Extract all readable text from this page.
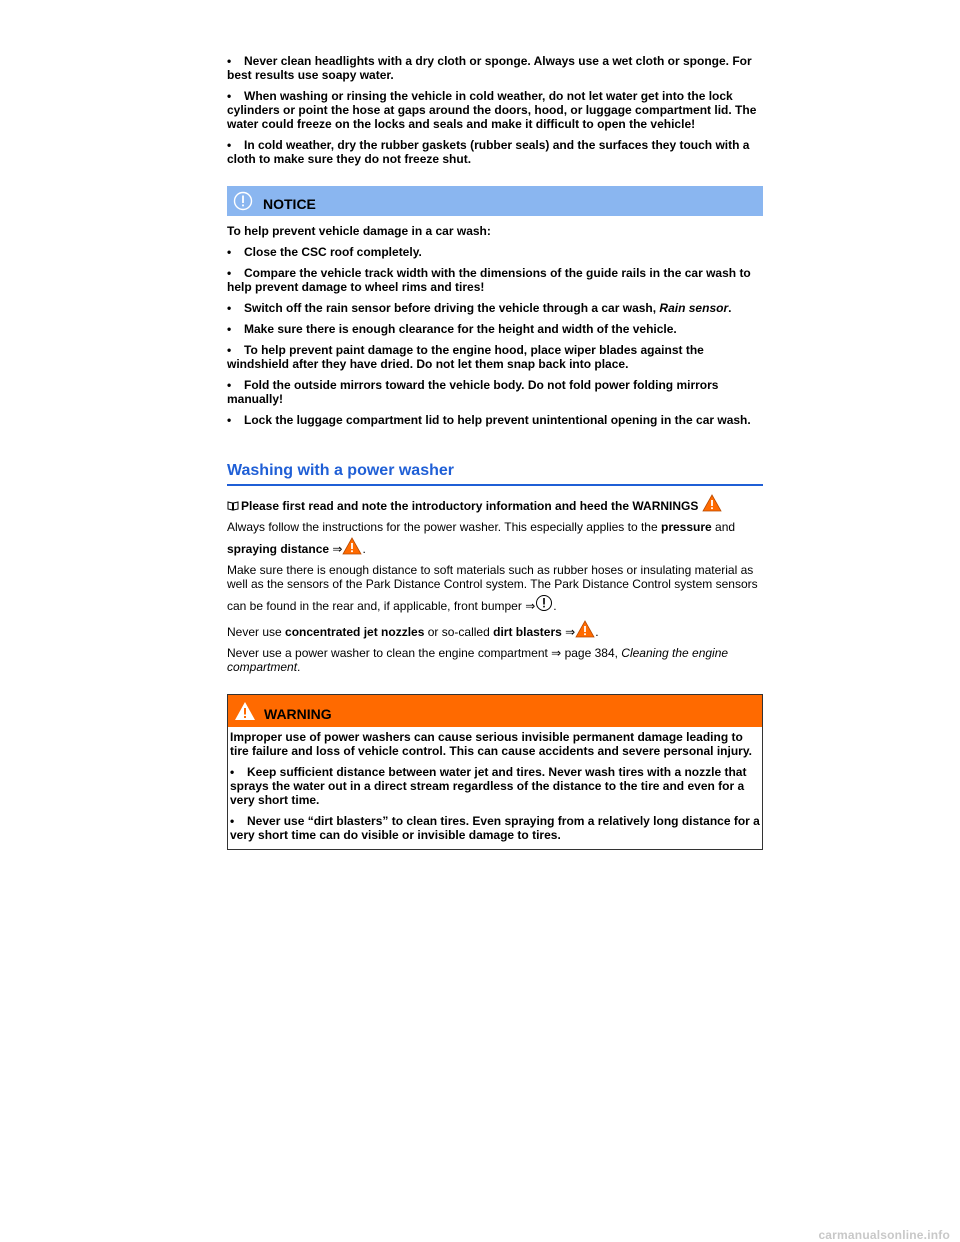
• Never clean headlights with a dry cloth or sponge. Always use a wet cloth or sponge. For best results use soapy water.
• When washing or rinsing the vehicle in cold weather, do not let water get into the lock cylinders or point the hose at gaps around the doors, hood, or luggage compartment lid. The water could freeze on the locks and seals and make it difficult to open the vehicle!
• In cold weather, dry the rubber gaskets (rubber seals) and the surfaces they touch with a cloth to make sure they do not freeze shut.
NOTICE
To help prevent vehicle damage in a car wash:
• Close the CSC roof completely.
• Compare the vehicle track width with the dimensions of the guide rails in the car wash to help prevent damage to wheel rims and tires!
• Switch off the rain sensor before driving the vehicle through a car wash, Rain sensor.
• Make sure there is enough clearance for the height and width of the vehicle.
• To help prevent paint damage to the engine hood, place wiper blades against the windshield after they have dried. Do not let them snap back into place.
• Fold the outside mirrors toward the vehicle body. Do not fold power folding mirrors manually!
• Lock the luggage compartment lid to help prevent unintentional opening in the car wash.
Washing with a power washer

Please first read and note the introductory information and heed the WARNINGS

Always follow the instructions for the power washer. This especially applies to the pressure and

spraying distance ⇒ .

Make sure there is enough distance to soft materials such as rubber hoses or insulating material as well as the sensors of the Park Distance Control system. The Park Distance Control system sensors

can be found in the rear and, if applicable, front bumper ⇒ .

Never use concentrated jet nozzles or so-called dirt blasters ⇒ .

Never use a power washer to clean the engine compartment ⇒ page 384, Cleaning the engine compartment.

WARNING

Improper use of power washers can cause serious invisible permanent damage leading to tire failure and loss of vehicle control. This can cause accidents and severe personal injury.

• Keep sufficient distance between water jet and tires. Never wash tires with a nozzle that sprays the water out in a direct stream regardless of the distance to the tire and even for a very short time.
• Never use “dirt blasters” to clean tires. Even spraying from a relatively long distance for a very short time can do visible or invisible damage to tires.
carmanualsonline.info
